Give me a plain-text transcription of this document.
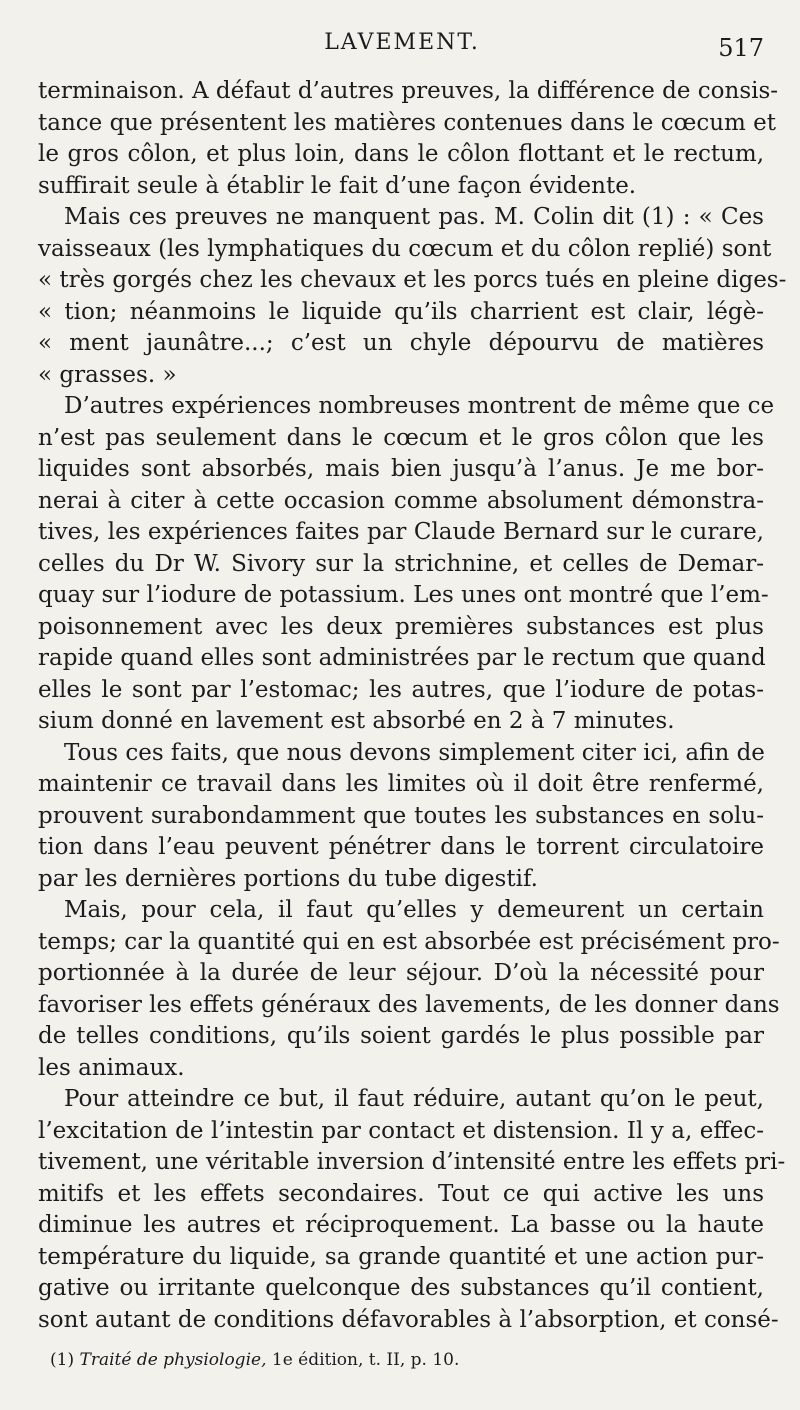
LAVEMENT.	517
terminaison. A défaut d’autres preuves, la différence de consis-
tance que présentent les matières contenues dans le cœcum et
le gros côlon, et plus loin, dans le côlon flottant et le rectum,
suffirait seule à établir le fait d’une façon évidente.
Mais ces preuves ne manquent pas. M. Colin dit (1) : « Ces
vaisseaux (les lymphatiques du cœcum et du côlon replié) sont
« très gorgés chez les chevaux et les porcs tués en pleine diges-
« tion; néanmoins le liquide qu’ils charrient est clair, légè-
« ment jaunâtre...; c’est un chyle dépourvu de matières
« grasses. »
D’autres expériences nombreuses montrent de même que ce
n’est pas seulement dans le cœcum et le gros côlon que les
liquides sont absorbés, mais bien jusqu’à l’anus. Je me bor-
nerai à citer à cette occasion comme absolument démonstra-
tives, les expériences faites par Claude Bernard sur le curare,
celles du Dr W. Sivory sur la strichnine, et celles de Demar-
quay sur l’iodure de potassium. Les unes ont montré que l’em-
poisonnement avec les deux premières substances est plus
rapide quand elles sont administrées par le rectum que quand
elles le sont par l’estomac; les autres, que l’iodure de potas-
sium donné en lavement est absorbé en 2 à 7 minutes.
Tous ces faits, que nous devons simplement citer ici, afin de
maintenir ce travail dans les limites où il doit être renfermé,
prouvent surabondamment que toutes les substances en solu-
tion dans l’eau peuvent pénétrer dans le torrent circulatoire
par les dernières portions du tube digestif.
Mais, pour cela, il faut qu’elles y demeurent un certain
temps; car la quantité qui en est absorbée est précisément pro-
portionnée à la durée de leur séjour. D’où la nécessité pour
favoriser les effets généraux des lavements, de les donner dans
de telles conditions, qu’ils soient gardés le plus possible par
les animaux.
Pour atteindre ce but, il faut réduire, autant qu’on le peut,
l’excitation de l’intestin par contact et distension. Il y a, effec-
tivement, une véritable inversion d’intensité entre les effets pri-
mitifs et les effets secondaires. Tout ce qui active les uns
diminue les autres et réciproquement. La basse ou la haute
température du liquide, sa grande quantité et une action pur-
gative ou irritante quelconque des substances qu’il contient,
sont autant de conditions défavorables à l’absorption, et consé-
(1) Traité de physiologie, 1e édition, t. II, p. 10.
